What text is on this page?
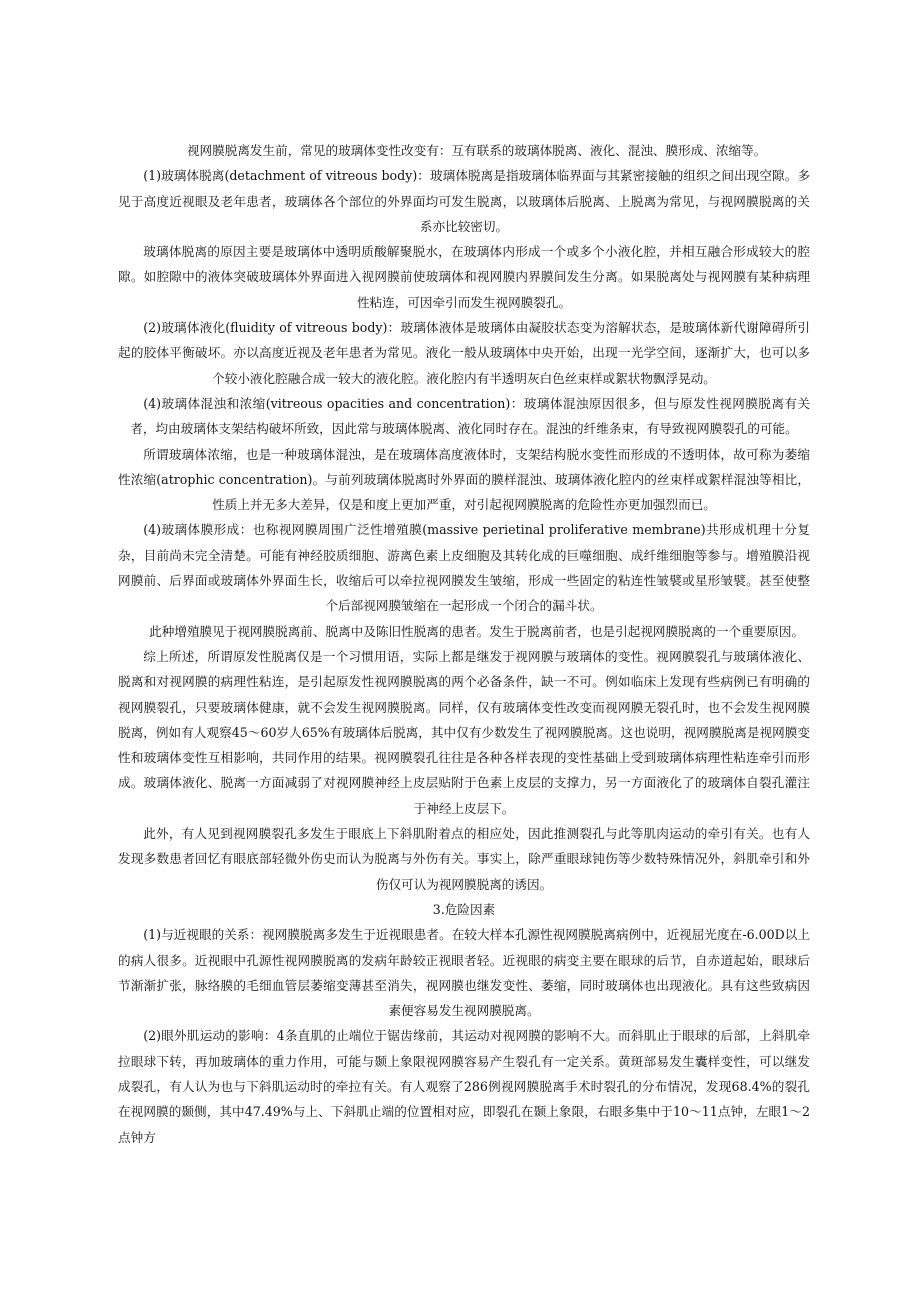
视网膜脱离发生前，常见的玻璃体变性改变有：互有联系的玻璃体脱离、液化、混浊、膜形成、浓缩等。

(1)玻璃体脱离(detachment of vitreous body)：玻璃体脱离是指玻璃体临界面与其紧密接触的组织之间出现空隙。多见于高度近视眼及老年患者，玻璃体各个部位的外界面均可发生脱离，以玻璃体后脱离、上脱离为常见，与视网膜脱离的关系亦比较密切。

玻璃体脱离的原因主要是玻璃体中透明质酸解聚脱水，在玻璃体内形成一个或多个小液化腔，并相互融合形成较大的腔隙。如腔隙中的液体突破玻璃体外界面进入视网膜前使玻璃体和视网膜内界膜间发生分离。如果脱离处与视网膜有某种病理性粘连，可因牵引而发生视网膜裂孔。

(2)玻璃体液化(fluidity of vitreous body)：玻璃体液体是玻璃体由凝胶状态变为溶解状态，是玻璃体新代谢障碍所引起的胶体平衡破坏。亦以高度近视及老年患者为常见。液化一般从玻璃体中央开始，出现一光学空间，逐渐扩大，也可以多个较小液化腔融合成一较大的液化腔。液化腔内有半透明灰白色丝束样或絮状物飘浮晃动。

(4)玻璃体混浊和浓缩(vitreous opacities and concentration)：玻璃体混浊原因很多，但与原发性视网膜脱离有关者，均由玻璃体支架结构破坏所致，因此常与玻璃体脱离、液化同时存在。混浊的纤维条束，有导致视网膜裂孔的可能。

所谓玻璃体浓缩，也是一种玻璃体混浊，是在玻璃体高度液体时，支架结构脱水变性而形成的不透明体，故可称为萎缩性浓缩(atrophic concentration)。与前列玻璃体脱离时外界面的膜样混浊、玻璃体液化腔内的丝束样或絮样混浊等相比，性质上并无多大差异，仅是和度上更加严重，对引起视网膜脱离的危险性亦更加强烈而已。

(4)玻璃体膜形成：也称视网膜周围广泛性增殖膜(massive perietinal proliferative membrane)共形成机理十分复杂，目前尚未完全清楚。可能有神经胶质细胞、游离色素上皮细胞及其转化成的巨噬细胞、成纤维细胞等参与。增殖膜沿视网膜前、后界面或玻璃体外界面生长，收缩后可以牵拉视网膜发生皱缩，形成一些固定的粘连性皱襞或星形皱襞。甚至使整个后部视网膜皱缩在一起形成一个闭合的漏斗状。

此种增殖膜见于视网膜脱离前、脱离中及陈旧性脱离的患者。发生于脱离前者，也是引起视网膜脱离的一个重要原因。

综上所述，所谓原发性脱离仅是一个习惯用语，实际上都是继发于视网膜与玻璃体的变性。视网膜裂孔与玻璃体液化、脱离和对视网膜的病理性粘连，是引起原发性视网膜脱离的两个必备条件，缺一不可。例如临床上发现有些病例已有明确的视网膜裂孔，只要玻璃体健康，就不会发生视网膜脱离。同样，仅有玻璃体变性改变而视网膜无裂孔时，也不会发生视网膜脱离，例如有人观察45～60岁人65%有玻璃体后脱离，其中仅有少数发生了视网膜脱离。这也说明，视网膜脱离是视网膜变性和玻璃体变性互相影响，共同作用的结果。视网膜裂孔往往是各种各样表现的变性基础上受到玻璃体病理性粘连牵引而形成。玻璃体液化、脱离一方面减弱了对视网膜神经上皮层贴附于色素上皮层的支撑力，另一方面液化了的玻璃体自裂孔灌注于神经上皮层下。

此外，有人见到视网膜裂孔多发生于眼底上下斜肌附着点的相应处，因此推测裂孔与此等肌肉运动的牵引有关。也有人发现多数患者回忆有眼底部轻微外伤史而认为脱离与外伤有关。事实上，除严重眼球钝伤等少数特殊情况外，斜肌牵引和外伤仅可认为视网膜脱离的诱因。

3.危险因素

(1)与近视眼的关系：视网膜脱离多发生于近视眼患者。在较大样本孔源性视网膜脱离病例中，近视屈光度在-6.00D以上的病人很多。近视眼中孔源性视网膜脱离的发病年龄较正视眼者轻。近视眼的病变主要在眼球的后节，自赤道起始，眼球后节渐渐扩张，脉络膜的毛细血管层萎缩变薄甚至消失，视网膜也继发变性、萎缩，同时玻璃体也出现液化。具有这些致病因素便容易发生视网膜脱离。

(2)眼外肌运动的影响：4条直肌的止端位于锯齿缘前，其运动对视网膜的影响不大。而斜肌止于眼球的后部，上斜肌牵拉眼球下转，再加玻璃体的重力作用，可能与颞上象限视网膜容易产生裂孔有一定关系。黄斑部易发生囊样变性，可以继发成裂孔，有人认为也与下斜肌运动时的牵拉有关。有人观察了286例视网膜脱离手术时裂孔的分布情况，发现68.4%的裂孔在视网膜的颞侧，其中47.49%与上、下斜肌止端的位置相对应，即裂孔在颞上象限，右眼多集中于10～11点钟，左眼1～2点钟方
